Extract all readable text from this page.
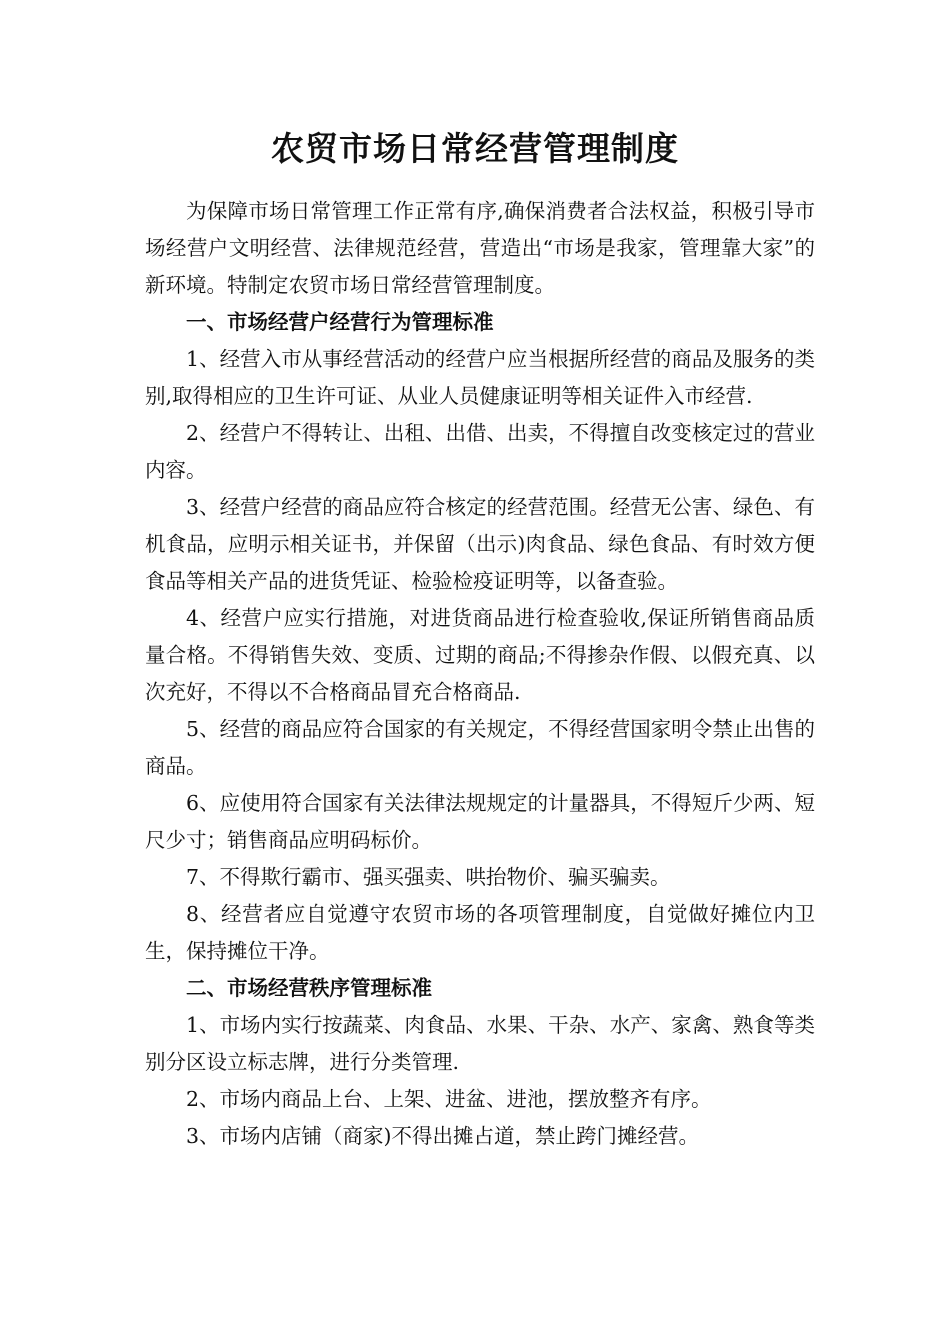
农贸市场日常经营管理制度

为保障市场日常管理工作正常有序,确保消费者合法权益，积极引导市场经营户文明经营、法律规范经营，营造出“市场是我家，管理靠大家”的新环境。特制定农贸市场日常经营管理制度。

一、市场经营户经营行为管理标准

1、经营入市从事经营活动的经营户应当根据所经营的商品及服务的类别,取得相应的卫生许可证、从业人员健康证明等相关证件入市经营.

2、经营户不得转让、出租、出借、出卖，不得擅自改变核定过的营业内容。

3、经营户经营的商品应符合核定的经营范围。经营无公害、绿色、有机食品，应明示相关证书，并保留（出示)肉食品、绿色食品、有时效方便食品等相关产品的进货凭证、检验检疫证明等，以备查验。

4、经营户应实行措施，对进货商品进行检查验收,保证所销售商品质量合格。不得销售失效、变质、过期的商品;不得掺杂作假、以假充真、以次充好，不得以不合格商品冒充合格商品.

5、经营的商品应符合国家的有关规定，不得经营国家明令禁止出售的商品。

6、应使用符合国家有关法律法规规定的计量器具，不得短斤少两、短尺少寸；销售商品应明码标价。

7、不得欺行霸市、强买强卖、哄抬物价、骗买骗卖。

8、经营者应自觉遵守农贸市场的各项管理制度，自觉做好摊位内卫生，保持摊位干净。

二、市场经营秩序管理标准

1、市场内实行按蔬菜、肉食品、水果、干杂、水产、家禽、熟食等类别分区设立标志牌，进行分类管理.

2、市场内商品上台、上架、进盆、进池，摆放整齐有序。

3、市场内店铺（商家)不得出摊占道，禁止跨门摊经营。
